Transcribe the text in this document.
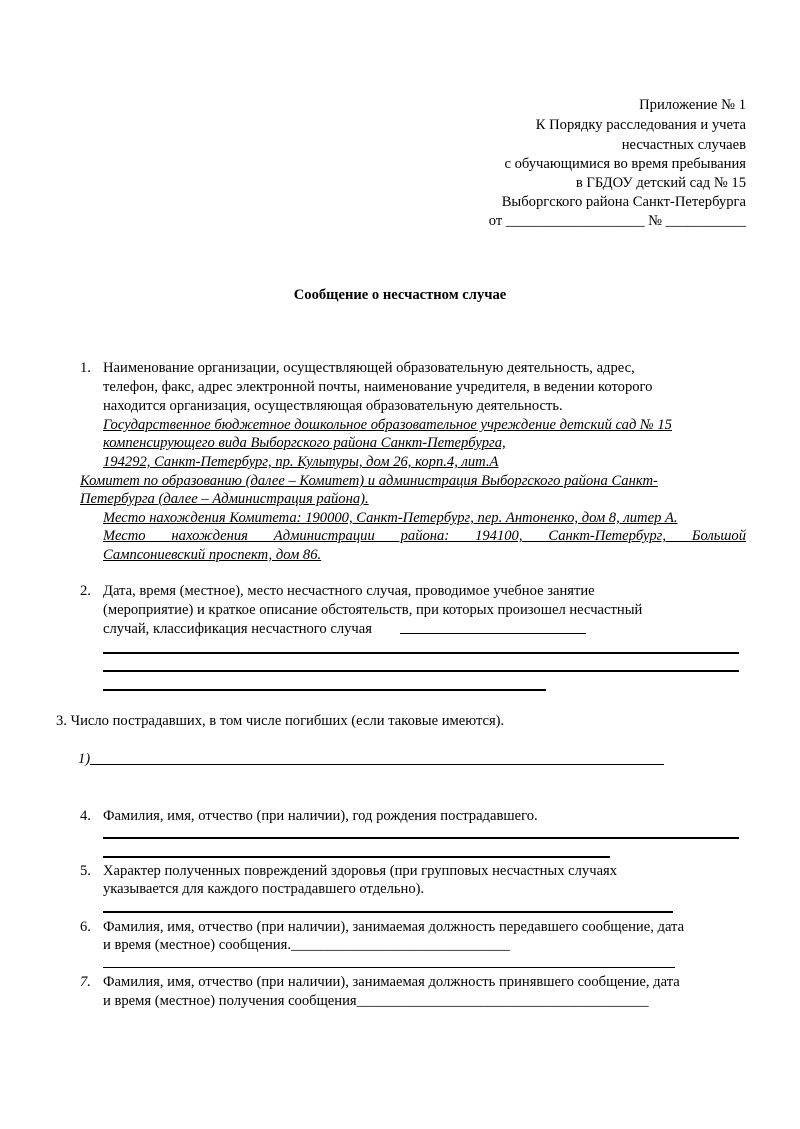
Приложение № 1
К Порядку расследования и учета
несчастных случаев
с обучающимися во время пребывания
в ГБДОУ детский сад № 15
Выборгского района Санкт-Петербурга
от ___________________ № ___________
Сообщение о несчастном случае
1. Наименование организации, осуществляющей образовательную деятельность, адрес,
телефон, факс, адрес электронной почты, наименование учредителя, в ведении которого
находится организация, осуществляющая образовательную деятельность.
Государственное бюджетное дошкольное образовательное учреждение детский сад № 15
компенсирующего вида Выборгского района Санкт-Петербурга,
194292, Санкт-Петербург, пр. Культуры, дом 26, корп.4, лит.А
Комитет по образованию (далее – Комитет) и администрация Выборгского района Санкт-
Петербурга (далее – Администрация района).
Место нахождения Комитета: 190000, Санкт-Петербург, пер. Антоненко, дом 8, литер А.
Место    нахождения    Администрации    района:    194100,    Санкт-Петербург,    Большой
Сампсониевский проспект, дом 86.
2. Дата, время (местное), место несчастного случая, проводимое учебное занятие
(мероприятие) и краткое описание обстоятельств, при которых произошел несчастный
случай, классификация несчастного случая
3. Число пострадавших, в том числе погибших (если таковые имеются).
1)
4. Фамилия, имя, отчество (при наличии), год рождения пострадавшего.
5. Характер полученных повреждений здоровья (при групповых несчастных случаях
указывается для каждого пострадавшего отдельно).
6. Фамилия, имя, отчество (при наличии), занимаемая должность передавшего сообщение, дата
и время (местное) сообщения.______________________________
7. Фамилия, имя, отчество (при наличии), занимаемая должность принявшего сообщение, дата
и время (местное) получения сообщения________________________________________
